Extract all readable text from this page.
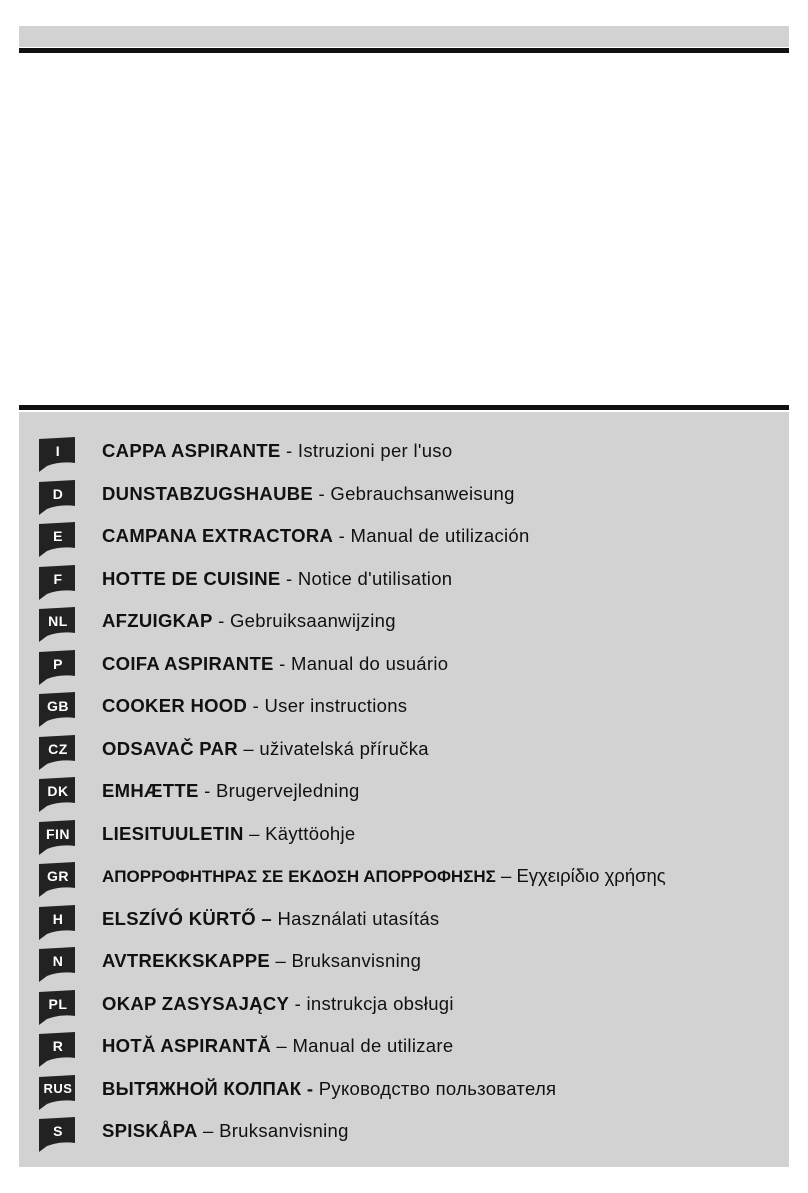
I	CAPPA ASPIRANTE - Istruzioni per l'uso
D	DUNSTABZUGSHAUBE - Gebrauchsanweisung
E	CAMPANA EXTRACTORA - Manual de utilización
F	HOTTE DE CUISINE - Notice d'utilisation
NL	AFZUIGKAP - Gebruiksaanwijzing
P	COIFA ASPIRANTE - Manual do usuário
GB	COOKER HOOD - User instructions
CZ	ODSAVAČ PAR – uživatelská příručka
DK	EMHÆTTE - Brugervejledning
FIN	LIESITUULETIN – Käyttöohje
GR	ΑΠΟΡΡΟΦΗΤΗΡΑΣ ΣΕ ΕΚΔΟΣΗ ΑΠΟΡΡΟΦΗΣΗΣ – Εγχειρίδιο χρήσης
H	ELSZÍVÓ KÜRTŐ – Használati utasítás
N	AVTREKKSKAPPE – Bruksanvisning
PL	OKAP ZASYSAJĄCY - instrukcja obsługi
R	HOTĂ ASPIRANTĂ – Manual de utilizare
RUS ВЫТЯЖНОЙ КОЛПАК - Руководство пользователя
S	SPISKÅPA – Bruksanvisning
